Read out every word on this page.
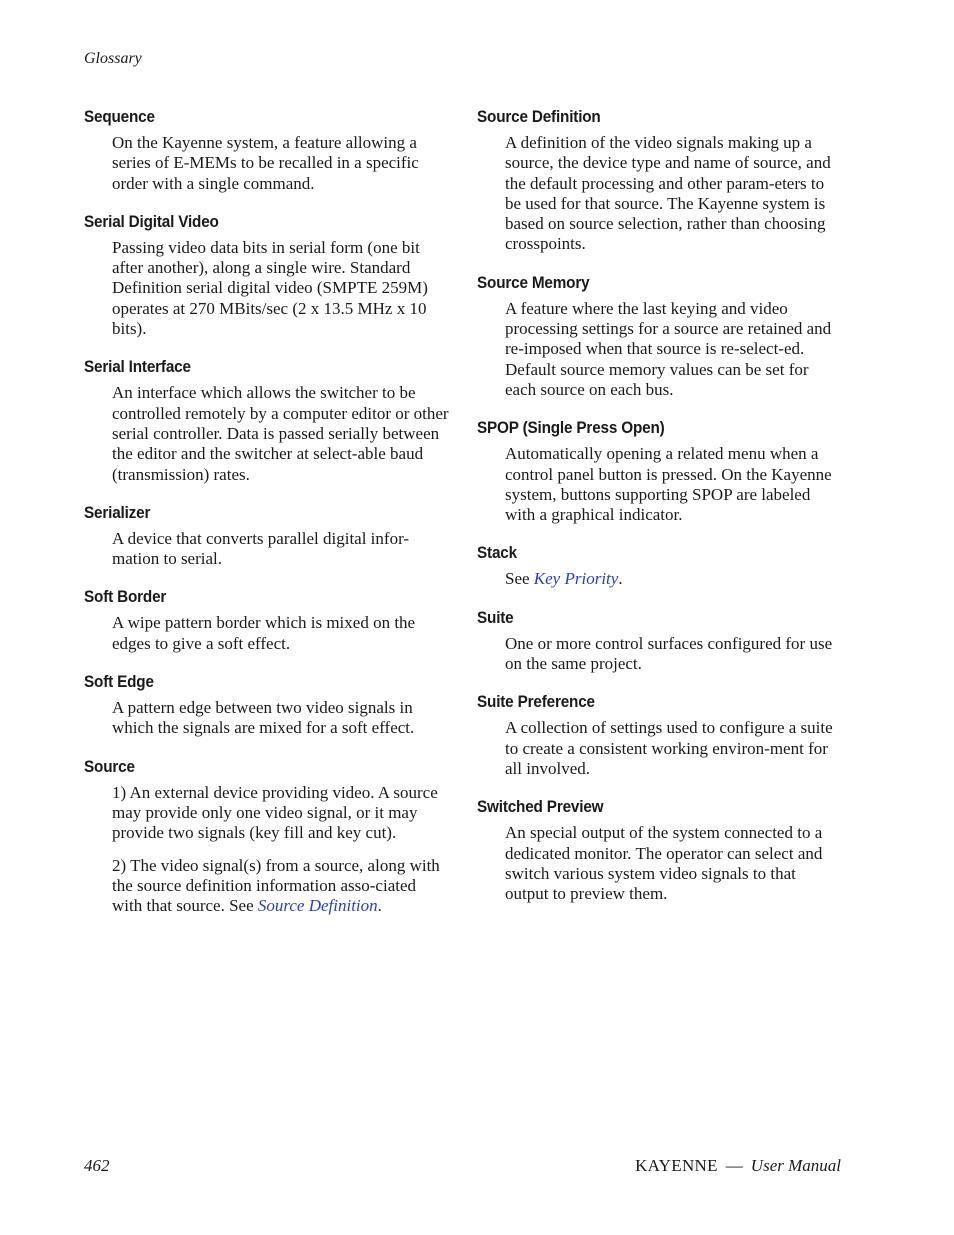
Glossary
Sequence

On the Kayenne system, a feature allowing a series of E-MEMs to be recalled in a specific order with a single command.

Serial Digital Video

Passing video data bits in serial form (one bit after another), along a single wire. Standard Definition serial digital video (SMPTE 259M) operates at 270 MBits/sec (2 x 13.5 MHz x 10 bits).

Serial Interface

An interface which allows the switcher to be controlled remotely by a computer editor or other serial controller. Data is passed serially between the editor and the switcher at select-able baud (transmission) rates.

Serializer

A device that converts parallel digital infor-mation to serial.

Soft Border

A wipe pattern border which is mixed on the edges to give a soft effect.

Soft Edge

A pattern edge between two video signals in which the signals are mixed for a soft effect.

Source

1) An external device providing video. A source may provide only one video signal, or it may provide two signals (key fill and key cut).

2) The video signal(s) from a source, along with the source definition information asso-ciated with that source. See Source Definition.

Source Definition

A definition of the video signals making up a source, the device type and name of source, and the default processing and other param-eters to be used for that source. The Kayenne system is based on source selection, rather than choosing crosspoints.

Source Memory

A feature where the last keying and video processing settings for a source are retained and re-imposed when that source is re-select-ed. Default source memory values can be set for each source on each bus.

SPOP (Single Press Open)

Automatically opening a related menu when a control panel button is pressed. On the Kayenne system, buttons supporting SPOP are labeled with a graphical indicator.

Stack

See Key Priority.

Suite

One or more control surfaces configured for use on the same project.

Suite Preference

A collection of settings used to configure a suite to create a consistent working environ-ment for all involved.

Switched Preview

An special output of the system connected to a dedicated monitor. The operator can select and switch various system video signals to that output to preview them.

462	KAYENNE — User Manual
